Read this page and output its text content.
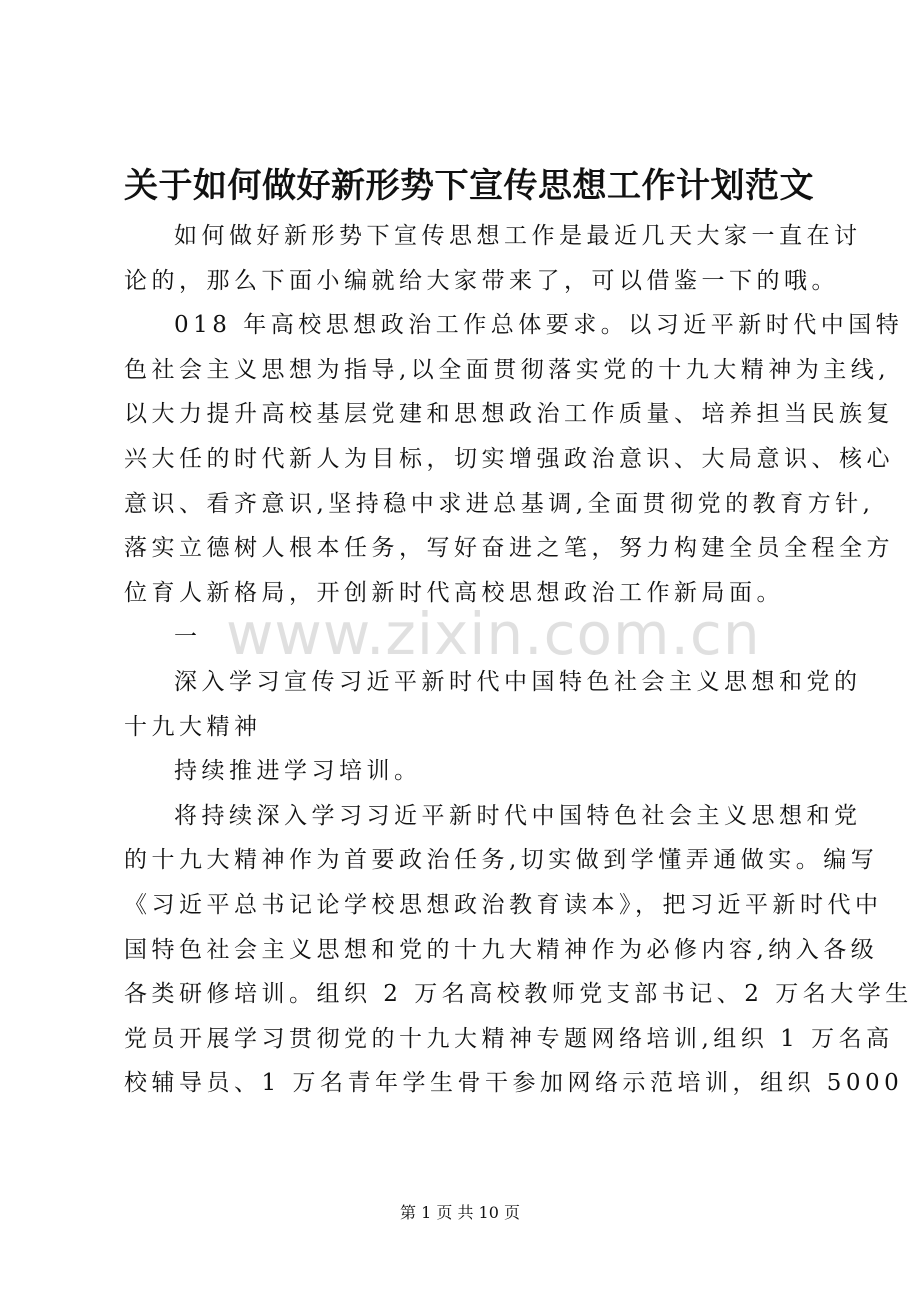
关于如何做好新形势下宣传思想工作计划范文

如何做好新形势下宣传思想工作是最近几天大家一直在讨
论的，那么下面小编就给大家带来了，可以借鉴一下的哦。

018 年高校思想政治工作总体要求。以习近平新时代中国特
色社会主义思想为指导,以全面贯彻落实党的十九大精神为主线,
以大力提升高校基层党建和思想政治工作质量、培养担当民族复
兴大任的时代新人为目标，切实增强政治意识、大局意识、核心
意识、看齐意识,坚持稳中求进总基调,全面贯彻党的教育方针,
落实立德树人根本任务，写好奋进之笔，努力构建全员全程全方
位育人新格局，开创新时代高校思想政治工作新局面。

一

深入学习宣传习近平新时代中国特色社会主义思想和党的
十九大精神

持续推进学习培训。

将持续深入学习习近平新时代中国特色社会主义思想和党
的十九大精神作为首要政治任务,切实做到学懂弄通做实。编写
《习近平总书记论学校思想政治教育读本》，把习近平新时代中
国特色社会主义思想和党的十九大精神作为必修内容,纳入各级
各类研修培训。组织 2 万名高校教师党支部书记、2 万名大学生
党员开展学习贯彻党的十九大精神专题网络培训,组织 1 万名高
校辅导员、1 万名青年学生骨干参加网络示范培训，组织 5000

www.zixin.com.cn
第 1 页 共 10 页
